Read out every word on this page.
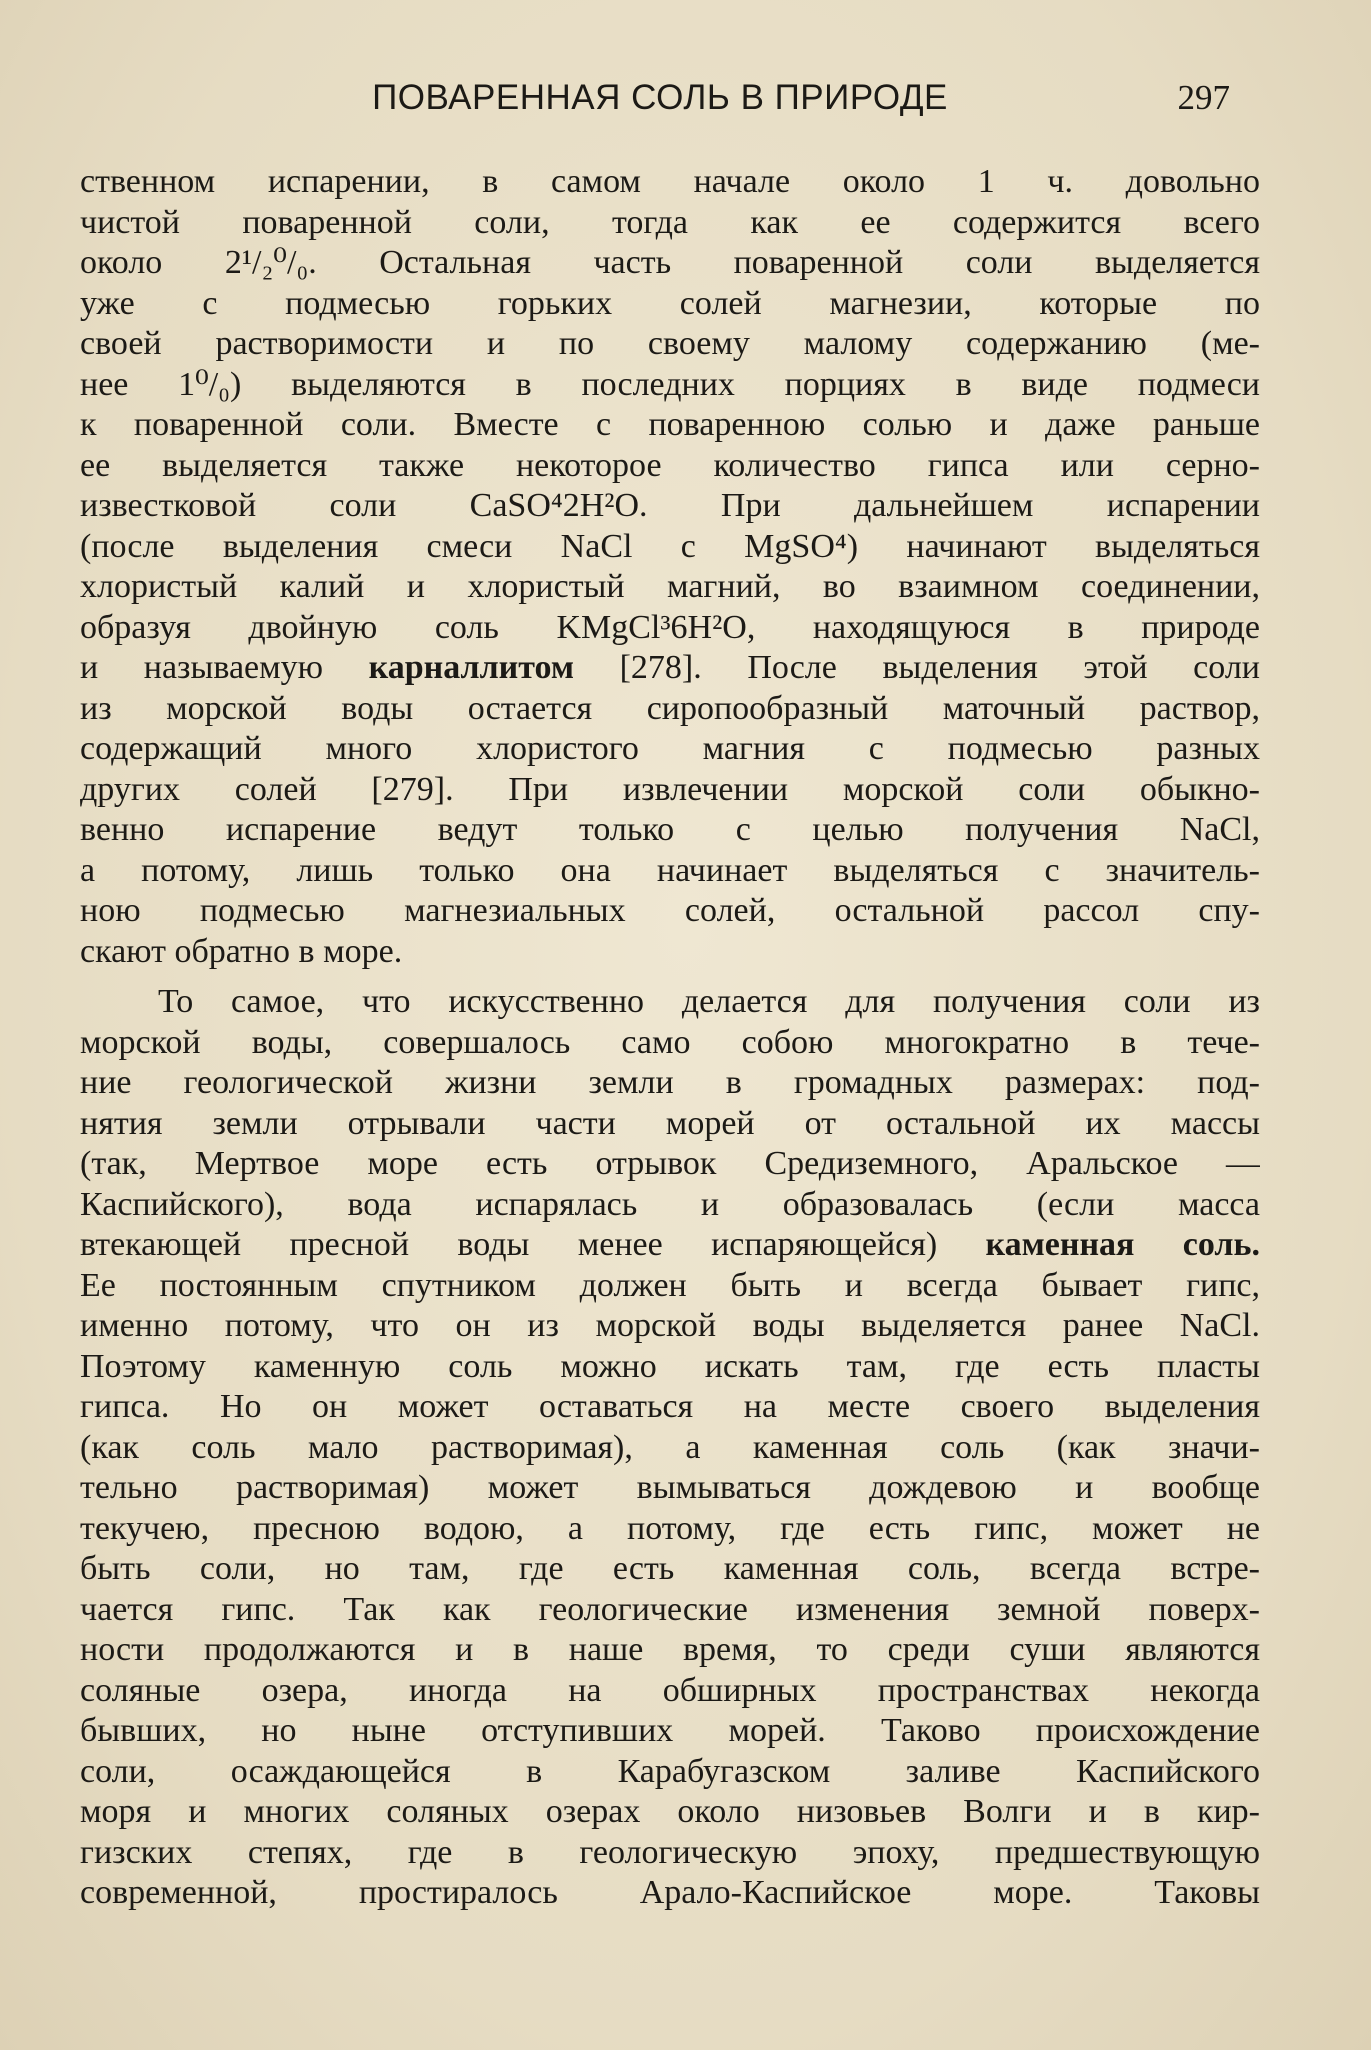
ПОВАРЕННАЯ СОЛЬ В ПРИРОДЕ	297
ственном испарении, в самом начале около 1 ч. довольно
чистой поваренной соли, тогда как ее содержится всего
около 2¹/₂⁰/₀. Остальная часть поваренной соли выделяется
уже с подмесью горьких солей магнезии, которые по
своей растворимости и по своему малому содержанию (ме-
нее 1⁰/₀) выделяются в последних порциях в виде подмеси
к поваренной соли. Вместе с поваренною солью и даже раньше
ее выделяется также некоторое количество гипса или серно-
известковой соли CaSO⁴2H²O. При дальнейшем испарении
(после выделения смеси NaCl с MgSO⁴) начинают выделяться
хлористый калий и хлористый магний, во взаимном соединении,
образуя двойную соль KMgCl³6H²O, находящуюся в природе
и называемую карналлитом [278]. После выделения этой соли
из морской воды остается сиропообразный маточный раствор,
содержащий много хлористого магния с подмесью разных
других солей [279]. При извлечении морской соли обыкно-
венно испарение ведут только с целью получения NaCl,
а потому, лишь только она начинает выделяться с значитель-
ною подмесью магнезиальных солей, остальной рассол спу-
скают обратно в море.
То самое, что искусственно делается для получения соли из
морской воды, совершалось само собою многократно в тече-
ние геологической жизни земли в громадных размерах: под-
нятия земли отрывали части морей от остальной их массы
(так, Мертвое море есть отрывок Средиземного, Аральское —
Каспийского), вода испарялась и образовалась (если масса
втекающей пресной воды менее испаряющейся) каменная соль.
Ее постоянным спутником должен быть и всегда бывает гипс,
именно потому, что он из морской воды выделяется ранее NaCl.
Поэтому каменную соль можно искать там, где есть пласты
гипса. Но он может оставаться на месте своего выделения
(как соль мало растворимая), а каменная соль (как значи-
тельно растворимая) может вымываться дождевою и вообще
текучею, пресною водою, а потому, где есть гипс, может не
быть соли, но там, где есть каменная соль, всегда встре-
чается гипс. Так как геологические изменения земной поверх-
ности продолжаются и в наше время, то среди суши являются
соляные озера, иногда на обширных пространствах некогда
бывших, но ныне отступивших морей. Таково происхождение
соли, осаждающейся в Карабугазском заливе Каспийского
моря и многих соляных озерах около низовьев Волги и в кир-
гизских степях, где в геологическую эпоху, предшествующую
современной, простиралось Арало-Каспийское море. Таковы
